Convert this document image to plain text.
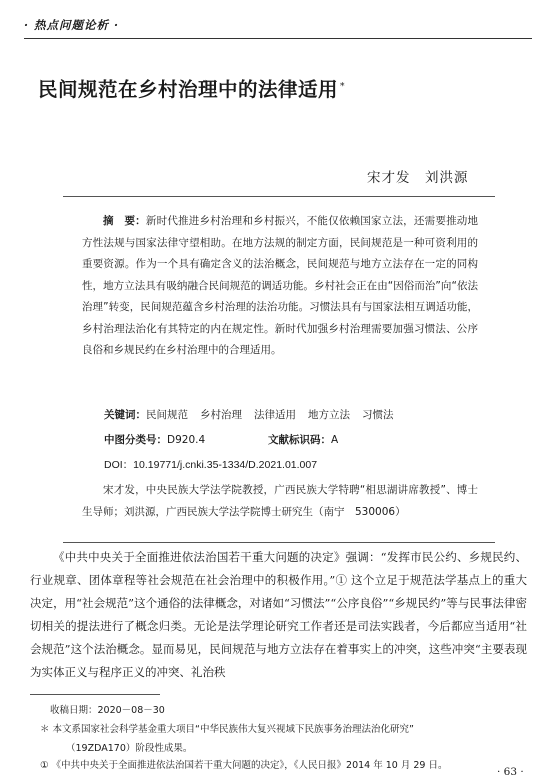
· 热点问题论析 ·
民间规范在乡村治理中的法律适用 *
宋才发　刘洪源
摘　要：新时代推进乡村治理和乡村振兴，不能仅依赖国家立法，还需要推动地方性法规与国家法律守望相助。在地方法规的制定方面，民间规范是一种可资利用的重要资源。作为一个具有确定含义的法治概念，民间规范与地方立法存在一定的同构性，地方立法具有吸纳融合民间规范的调适功能。乡村社会正在由“因俗而治”向“依法治理”转变，民间规范蕴含乡村治理的法治功能。习惯法具有与国家法相互调适功能，乡村治理法治化有其特定的内在规定性。新时代加强乡村治理需要加强习惯法、公序良俗和乡规民约在乡村治理中的合理适用。
关键词：民间规范 乡村治理 法律适用 地方立法 习惯法
中图分类号：D920.4	文献标识码：A
DOI：10.19771/j.cnki.35-1334/D.2021.01.007
宋才发，中央民族大学法学院教授，广西民族大学特聘“相思湖讲席教授”、博士生导师；刘洪源，广西民族大学法学院博士研究生（南宁　530006）
《中共中央关于全面推进依法治国若干重大问题的决定》强调：“发挥市民公约、乡规民约、行业规章、团体章程等社会规范在社会治理中的积极作用。”① 这个立足于规范法学基点上的重大决定，用“社会规范”这个通俗的法律概念，对诸如“习惯法”“公序良俗”“乡规民约”等与民事法律密切相关的提法进行了概念归类。无论是法学理论研究工作者还是司法实践者，今后都应当适用“社会规范”这个法治概念。显而易见，民间规范与地方立法存在着事实上的冲突，这些冲突“主要表现为实体正义与程序正义的冲突、礼治秩
收稿日期：2020－08－30
＊ 本文系国家社会科学基金重大项目“中华民族伟大复兴视域下民族事务治理法治化研究”
（19ZDA170）阶段性成果。
① 《中共中央关于全面推进依法治国若干重大问题的决定》，《人民日报》2014 年 10 月 29 日。
· 63 ·
